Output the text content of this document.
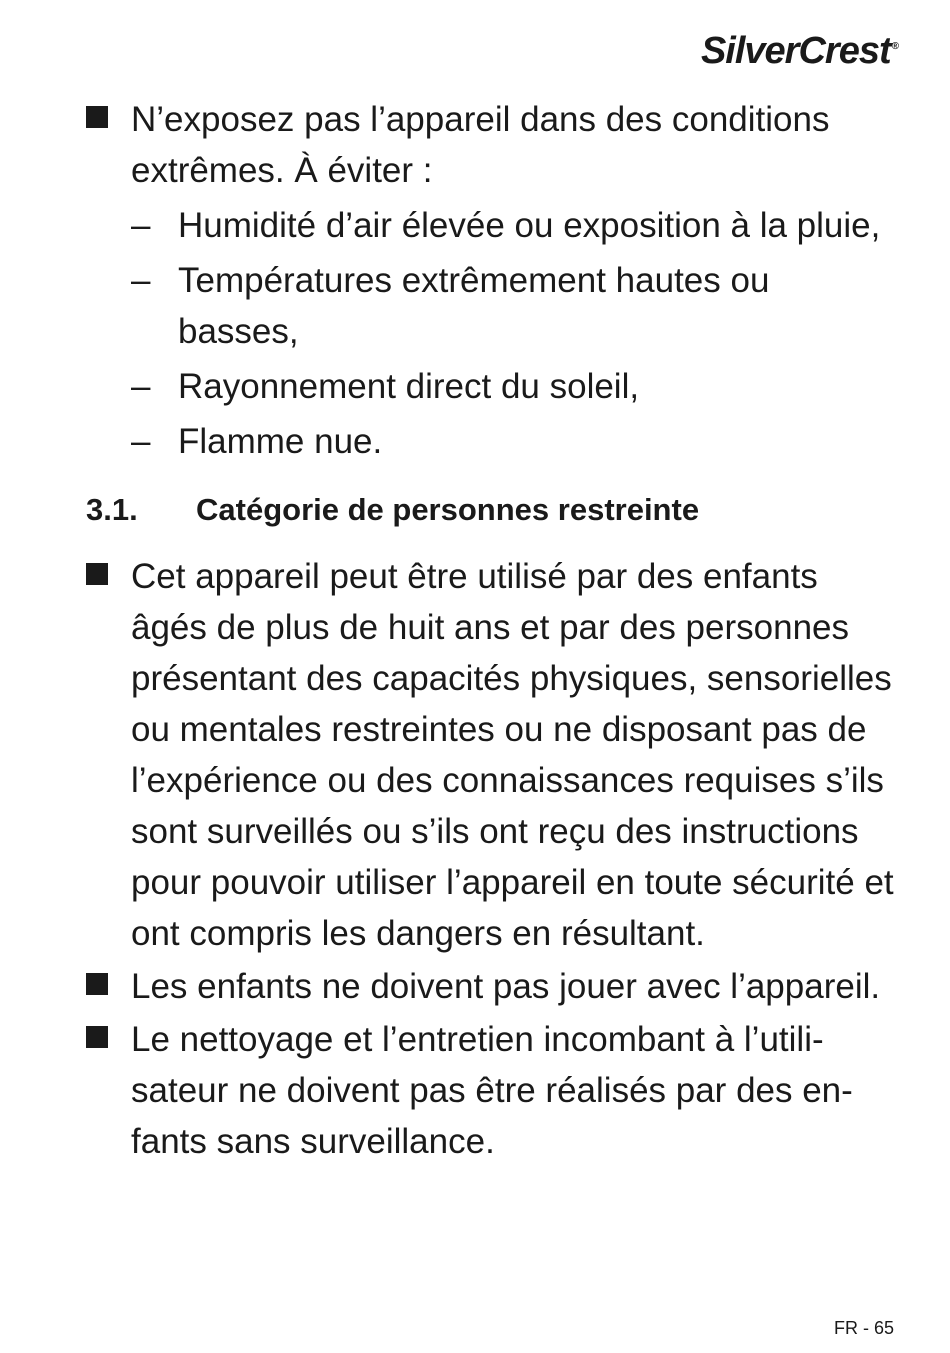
SilverCrest®
N’exposez pas l’appareil dans des conditions extrêmes. À éviter :
– Humidité d’air élevée ou exposition à la pluie,
– Températures extrêmement hautes ou basses,
– Rayonnement direct du soleil,
– Flamme nue.
3.1. Catégorie de personnes restreinte
Cet appareil peut être utilisé par des enfants âgés de plus de huit ans et par des personnes présentant des capacités physiques, sensorielles ou mentales restreintes ou ne disposant pas de l’expérience ou des connaissances requises s’ils sont surveillés ou s’ils ont reçu des instructions pour pouvoir utiliser l’appareil en toute sécurité et ont compris les dangers en résultant.
Les enfants ne doivent pas jouer avec l’appareil.
Le nettoyage et l’entretien incombant à l’utilisateur ne doivent pas être réalisés par des enfants sans surveillance.
FR - 65
